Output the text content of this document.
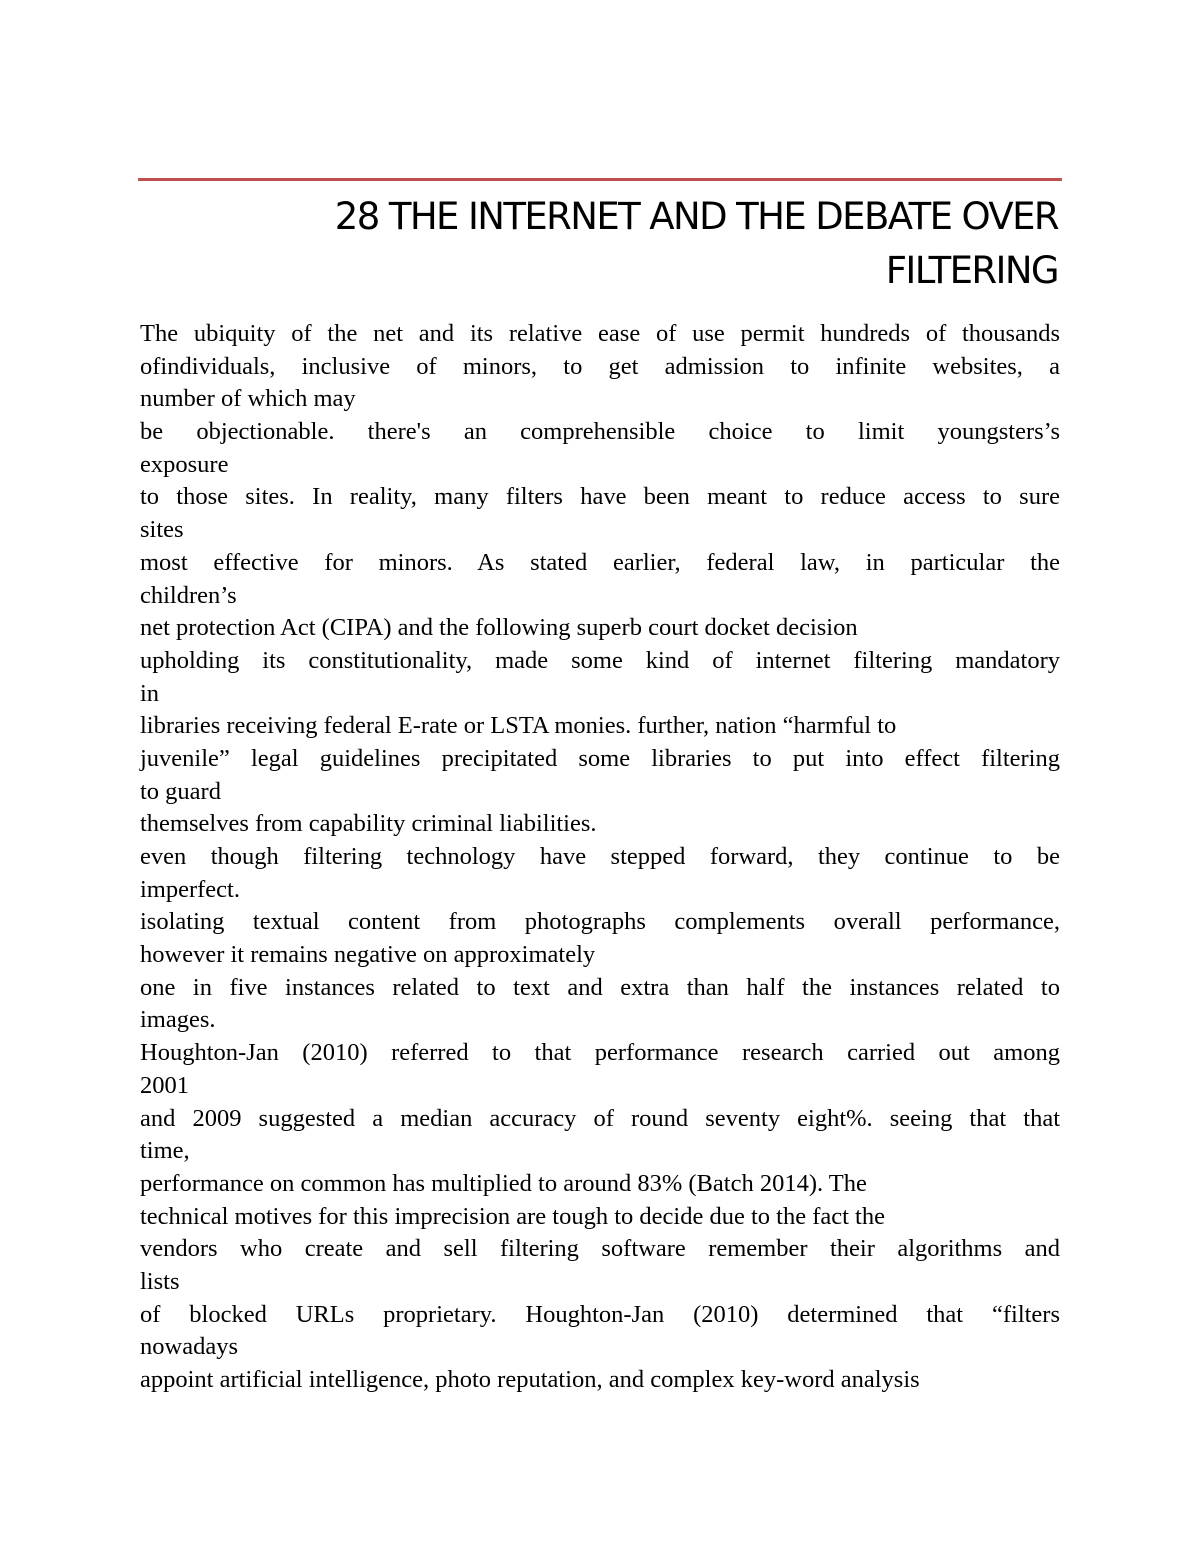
28 THE INTERNET AND THE DEBATE OVER
FILTERING
The ubiquity of the net and its relative ease of use permit hundreds of thousands
ofindividuals, inclusive of minors, to get admission to infinite websites, a
number of which may
be objectionable. there's an comprehensible choice to limit youngsters’s
exposure
to those sites. In reality, many filters have been meant to reduce access to sure
sites
most effective for minors. As stated earlier, federal law, in particular the
children’s
net protection Act (CIPA) and the following superb court docket decision
upholding its constitutionality, made some kind of internet filtering mandatory
in
libraries receiving federal E-rate or LSTA monies. further, nation “harmful to
juvenile” legal guidelines precipitated some libraries to put into effect filtering
to guard
themselves from capability criminal liabilities.
even though filtering technology have stepped forward, they continue to be
imperfect.
isolating textual content from photographs complements overall performance,
however it remains negative on approximately
one in five instances related to text and extra than half the instances related to
images.
Houghton-Jan (2010) referred to that performance research carried out among
2001
and 2009 suggested a median accuracy of round seventy eight%. seeing that that
time,
performance on common has multiplied to around 83% (Batch 2014). The
technical motives for this imprecision are tough to decide due to the fact the
vendors who create and sell filtering software remember their algorithms and
lists
of blocked URLs proprietary. Houghton-Jan (2010) determined that “filters
nowadays
appoint artificial intelligence, photo reputation, and complex key-word analysis
